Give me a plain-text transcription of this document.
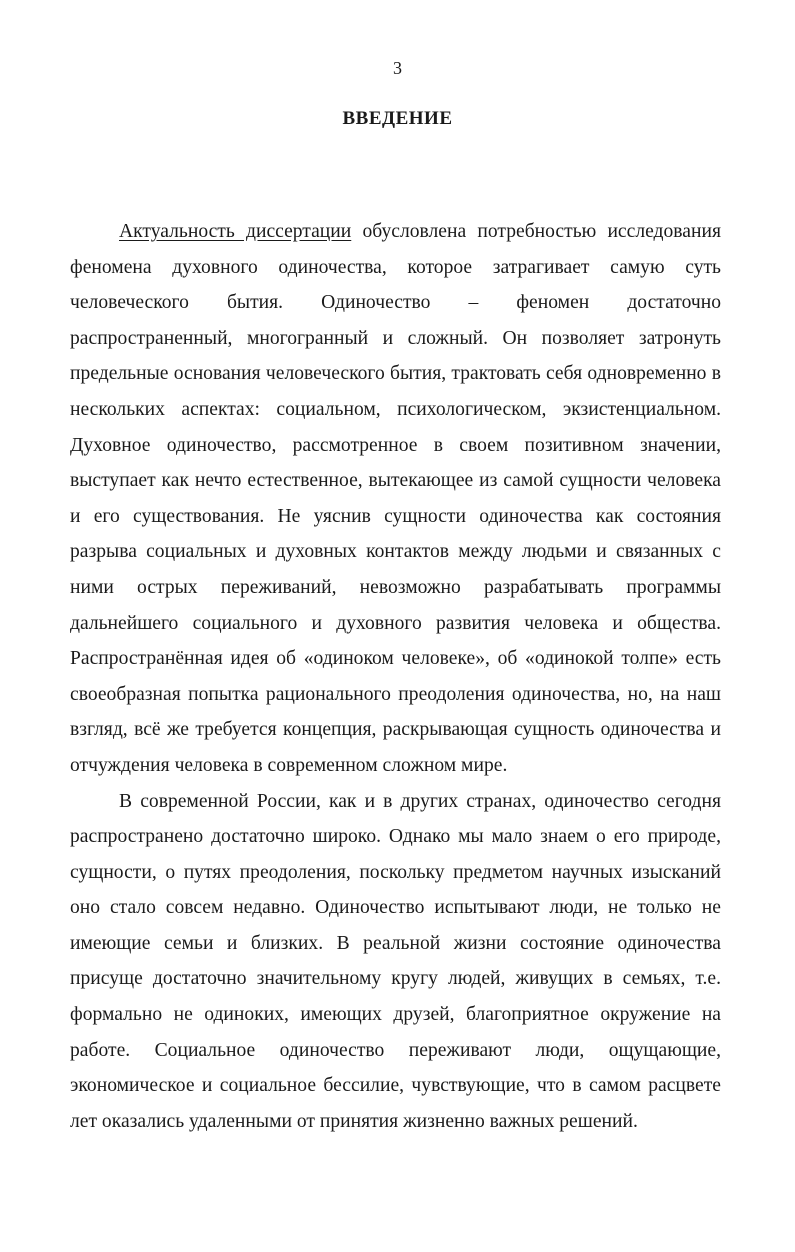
3
ВВЕДЕНИЕ

Актуальность диссертации обусловлена потребностью исследования феномена духовного одиночества, которое затрагивает самую суть человеческого бытия. Одиночество – феномен достаточно распространенный, многогранный и сложный. Он позволяет затронуть предельные основания человеческого бытия, трактовать себя одновременно в нескольких аспектах: социальном, психологическом, экзистенциальном. Духовное одиночество, рассмотренное в своем позитивном значении, выступает как нечто естественное, вытекающее из самой сущности человека и его существования. Не уяснив сущности одиночества как состояния разрыва социальных и духовных контактов между людьми и связанных с ними острых переживаний, невозможно разрабатывать программы дальнейшего социального и духовного развития человека и общества. Распространённая идея об «одиноком человеке», об «одинокой толпе» есть своеобразная попытка рационального преодоления одиночества, но, на наш взгляд, всё же требуется концепция, раскрывающая сущность одиночества и отчуждения человека в современном сложном мире.

В современной России, как и в других странах, одиночество сегодня распространено достаточно широко. Однако мы мало знаем о его природе, сущности, о путях преодоления, поскольку предметом научных изысканий оно стало совсем недавно. Одиночество испытывают люди, не только не имеющие семьи и близких. В реальной жизни состояние одиночества присуще достаточно значительному кругу людей, живущих в семьях, т.е. формально не одиноких, имеющих друзей, благоприятное окружение на работе. Социальное одиночество переживают люди, ощущающие, экономическое и социальное бессилие, чувствующие, что в самом расцвете лет оказались удаленными от принятия жизненно важных решений.
